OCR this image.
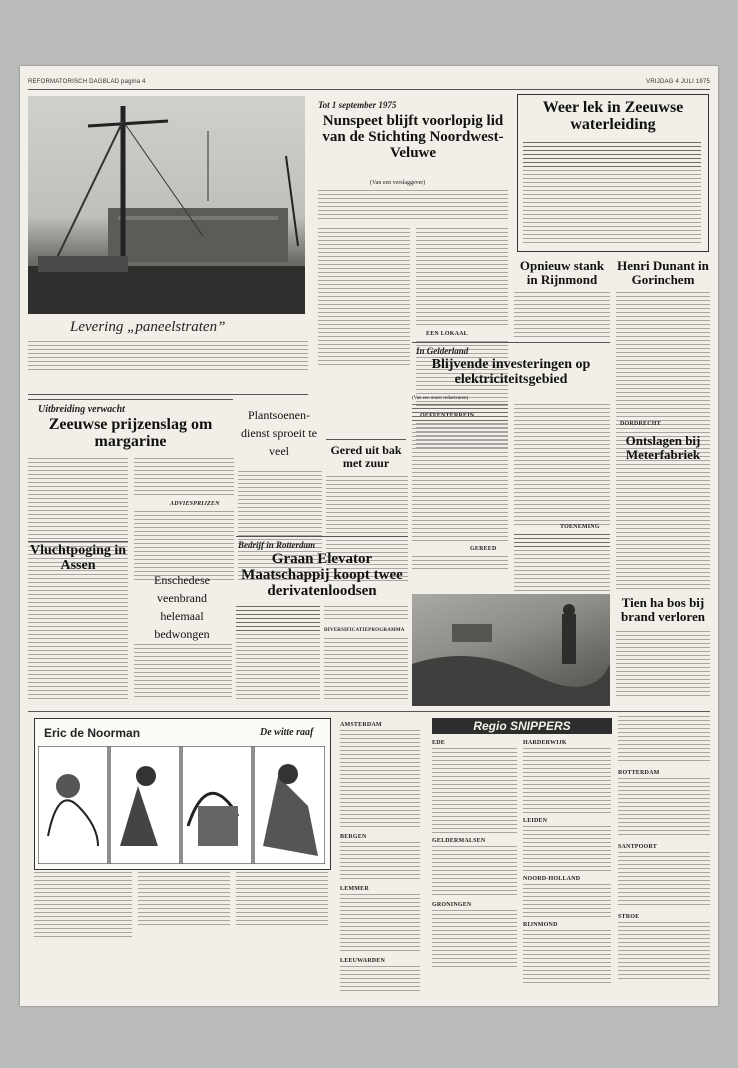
REFORMATORISCH DAGBLAD pagina 4	VRIJDAG 4 JULI 1975
Levering „paneelstraten”
Tot 1 september 1975
Nunspeet blijft voorlopig lid van de Stichting Noordwest-Veluwe
(Van een verslaggever)
EEN LOKAAL
Weer lek in Zeeuwse waterleiding
Opnieuw stank in Rijnmond
Henri Dunant in Gorinchem
DORDRECHT
Ontslagen bij Meterfabriek
Tien ha bos bij brand verloren
In Gelderland
Blijvende investeringen op elektriciteitsgebied
(Van een onzer redacteuren)
GEREED
TOENEMING
Uitbreiding verwacht
Zeeuwse prijzenslag om margarine
ADVIESPRIJZEN
Plantsoenen-dienst sproeit te veel	Gered uit bak met zuur
Vluchtpoging in Assen
Enschedese veenbrand helemaal bedwongen
Bedrijf in Rotterdam
Graan Elevator Maatschappij koopt twee derivatenloodsen
DIVERSIFICATIEPROGRAMMA
Eric de Noorman	De witte raaf	Regio SNIPPERS
AMSTERDAM
BERGEN
LEMMER
EDE
GELDERMALSEN
GRONINGEN
HARDERWIJK
LEIDEN
NOORD-HOLLAND
RIJNMOND
ROTTERDAM
SANTPOORT
STROE
LEEUWARDEN
